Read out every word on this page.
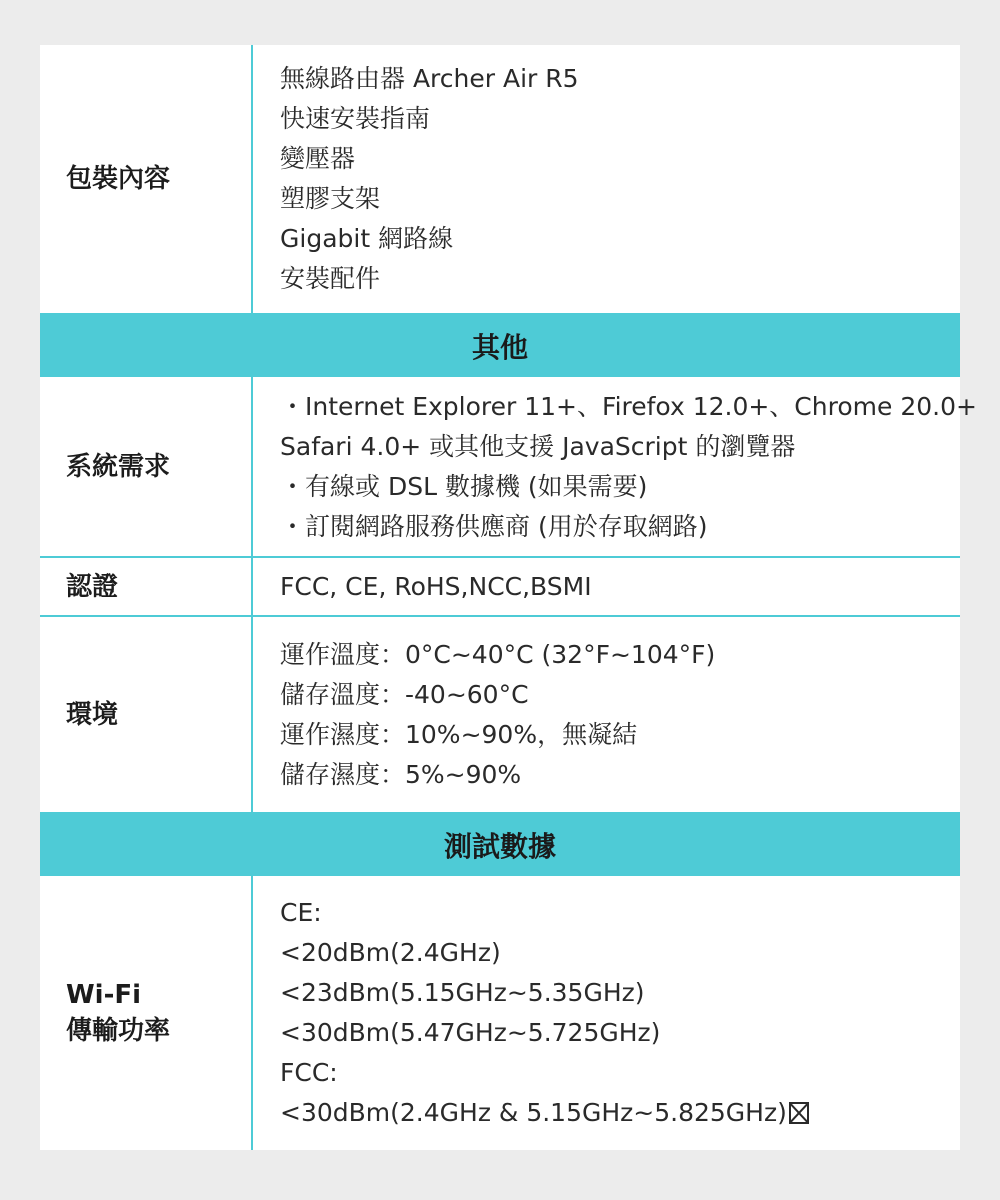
包裝內容
無線路由器 Archer Air R5
快速安裝指南
變壓器
塑膠支架
Gigabit 網路線
安裝配件
其他
系統需求
・Internet Explorer 11+、Firefox 12.0+、Chrome 20.0+
Safari 4.0+ 或其他支援 JavaScript 的瀏覽器
・有線或 DSL 數據機 (如果需要)
・訂閱網路服務供應商 (用於存取網路)
認證	FCC, CE, RoHS,NCC,BSMI
環境
運作溫度：0°C~40°C (32°F~104°F)
儲存溫度：-40~60°C
運作濕度：10%~90%，無凝結
儲存濕度：5%~90%
測試數據
Wi-Fi
傳輸功率
CE:
<20dBm(2.4GHz)
<23dBm(5.15GHz~5.35GHz)
<30dBm(5.47GHz~5.725GHz)
FCC:
<30dBm(2.4GHz & 5.15GHz~5.825GHz)
